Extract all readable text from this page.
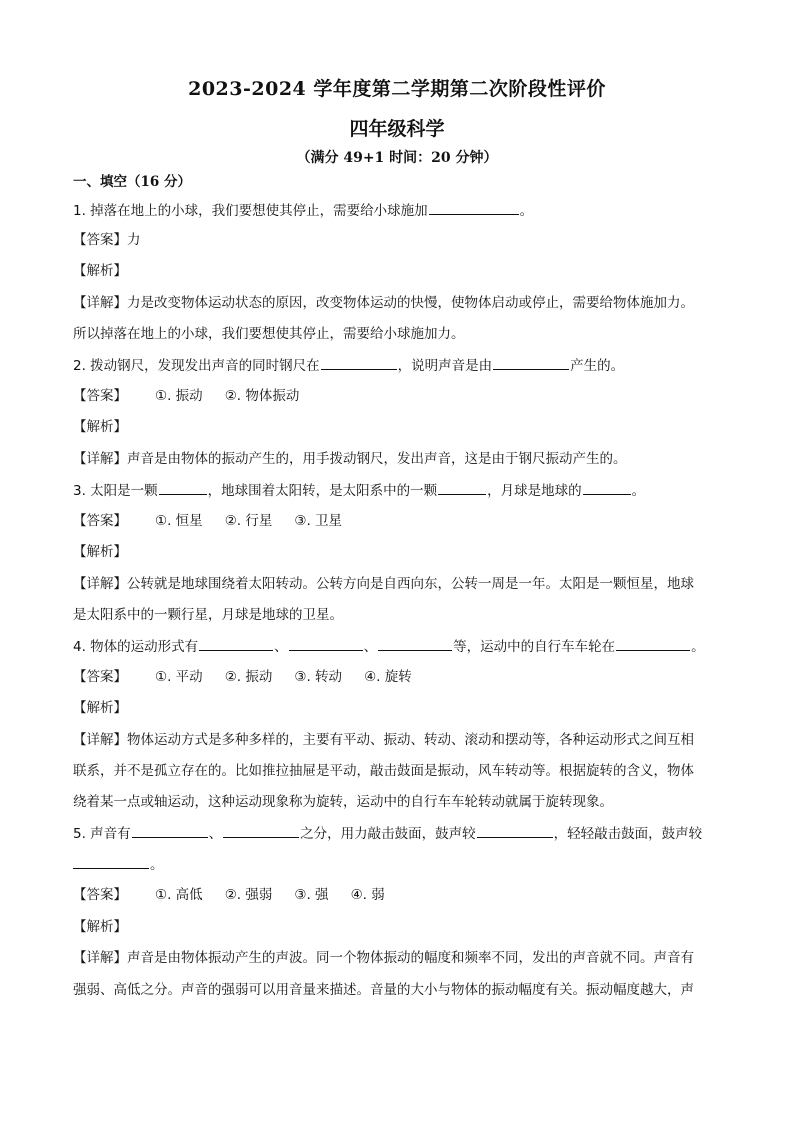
2023-2024 学年度第二学期第二次阶段性评价
四年级科学
（满分 49+1 时间：20 分钟）
一、填空（16 分）
1. 掉落在地上的小球，我们要想使其停止，需要给小球施加	。
【答案】力
【解析】
【详解】力是改变物体运动状态的原因，改变物体运动的快慢，使物体启动或停止，需要给物体施加力。
所以掉落在地上的小球，我们要想使其停止，需要给小球施加力。
2. 拨动钢尺，发现发出声音的同时钢尺在	，说明声音是由	产生的。
【答案】 ①. 振动 ②. 物体振动
【解析】
【详解】声音是由物体的振动产生的，用手拨动钢尺，发出声音，这是由于钢尺振动产生的。
3. 太阳是一颗	，地球围着太阳转，是太阳系中的一颗	，月球是地球的	。
【答案】 ①. 恒星 ②. 行星 ③. 卫星
【解析】
【详解】公转就是地球围绕着太阳转动。公转方向是自西向东，公转一周是一年。太阳是一颗恒星，地球
是太阳系中的一颗行星，月球是地球的卫星。
4. 物体的运动形式有	、	、	等，运动中的自行车车轮在	。
【答案】 ①. 平动 ②. 振动 ③. 转动 ④. 旋转
【解析】
【详解】物体运动方式是多种多样的，主要有平动、振动、转动、滚动和摆动等，各种运动形式之间互相
联系，并不是孤立存在的。比如推拉抽屉是平动，敲击鼓面是振动，风车转动等。根据旋转的含义，物体
绕着某一点或轴运动，这种运动现象称为旋转，运动中的自行车车轮转动就属于旋转现象。
5. 声音有	、	之分，用力敲击鼓面，鼓声较	，轻轻敲击鼓面，鼓声较
。
【答案】 ①. 高低 ②. 强弱 ③. 强 ④. 弱
【解析】
【详解】声音是由物体振动产生的声波。同一个物体振动的幅度和频率不同，发出的声音就不同。声音有
强弱、高低之分。声音的强弱可以用音量来描述。音量的大小与物体的振动幅度有关。振动幅度越大，声
